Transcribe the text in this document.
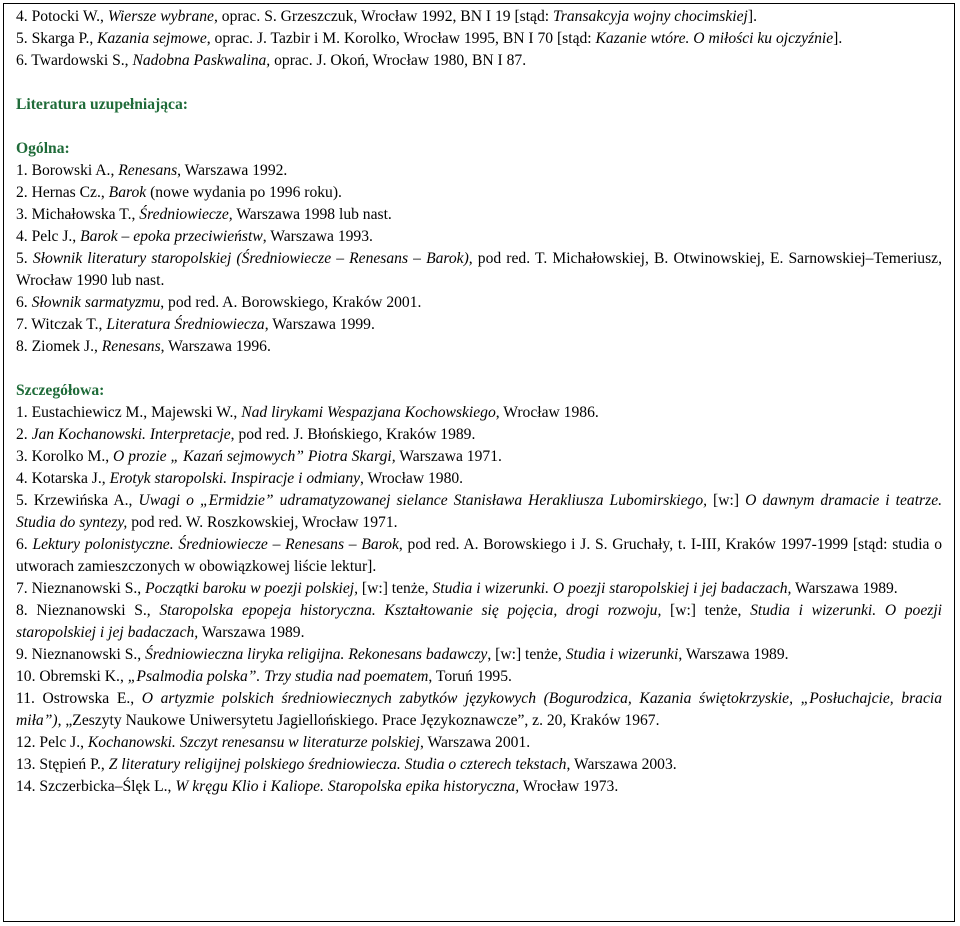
4. Potocki W., Wiersze wybrane, oprac. S. Grzeszczuk, Wrocław 1992, BN I 19 [stąd: Transakcyja wojny chocimskiej].

5. Skarga P., Kazania sejmowe, oprac. J. Tazbir i M. Korolko, Wrocław 1995, BN I 70 [stąd: Kazanie wtóre. O miłości ku ojczyźnie].

6. Twardowski S., Nadobna Paskwalina, oprac. J. Okoń, Wrocław 1980, BN I 87.

Literatura uzupełniająca:

Ogólna:

1. Borowski A., Renesans, Warszawa 1992.

2. Hernas Cz., Barok (nowe wydania po 1996 roku).

3. Michałowska T., Średniowiecze, Warszawa 1998 lub nast.

4. Pelc J., Barok – epoka przeciwieństw, Warszawa 1993.

5. Słownik literatury staropolskiej (Średniowiecze – Renesans – Barok), pod red. T. Michałowskiej, B. Otwinowskiej, E. Sarnowskiej–Temeriusz, Wrocław 1990 lub nast.

6. Słownik sarmatyzmu, pod red. A. Borowskiego, Kraków 2001.

7. Witczak T., Literatura Średniowiecza, Warszawa 1999.

8. Ziomek J., Renesans, Warszawa 1996.

Szczegółowa:

1. Eustachiewicz M., Majewski W., Nad lirykami Wespazjana Kochowskiego, Wrocław 1986.

2. Jan Kochanowski. Interpretacje, pod red. J. Błońskiego, Kraków 1989.

3. Korolko M., O prozie „ Kazań sejmowych” Piotra Skargi, Warszawa 1971.

4. Kotarska J., Erotyk staropolski. Inspiracje i odmiany, Wrocław 1980.

5. Krzewińska A., Uwagi o „Ermidzie” udramatyzowanej sielance Stanisława Herakliusza Lubomirskiego, [w:] O dawnym dramacie i teatrze. Studia do syntezy, pod red. W. Roszkowskiej, Wrocław 1971.

6. Lektury polonistyczne. Średniowiecze – Renesans – Barok, pod red. A. Borowskiego i J. S. Gruchały, t. I-III, Kraków 1997-1999 [stąd: studia o utworach zamieszczonych w obowiązkowej liście lektur].

7. Nieznanowski S., Początki baroku w poezji polskiej, [w:] tenże, Studia i wizerunki. O poezji staropolskiej i jej badaczach, Warszawa 1989.

8. Nieznanowski S., Staropolska epopeja historyczna. Kształtowanie się pojęcia, drogi rozwoju, [w:] tenże, Studia i wizerunki. O poezji staropolskiej i jej badaczach, Warszawa 1989.

9. Nieznanowski S., Średniowieczna liryka religijna. Rekonesans badawczy, [w:] tenże, Studia i wizerunki, Warszawa 1989.

10. Obremski K., „Psalmodia polska”. Trzy studia nad poematem, Toruń 1995.

11. Ostrowska E., O artyzmie polskich średniowiecznych zabytków językowych (Bogurodzica, Kazania świętokrzyskie, „Posłuchajcie, bracia miła”), „Zeszyty Naukowe Uniwersytetu Jagiellońskiego. Prace Językoznawcze”, z. 20, Kraków 1967.

12. Pelc J., Kochanowski. Szczyt renesansu w literaturze polskiej, Warszawa 2001.

13. Stępień P., Z literatury religijnej polskiego średniowiecza. Studia o czterech tekstach, Warszawa 2003.

14. Szczerbicka–Ślęk L., W kręgu Klio i Kaliope. Staropolska epika historyczna, Wrocław 1973.
